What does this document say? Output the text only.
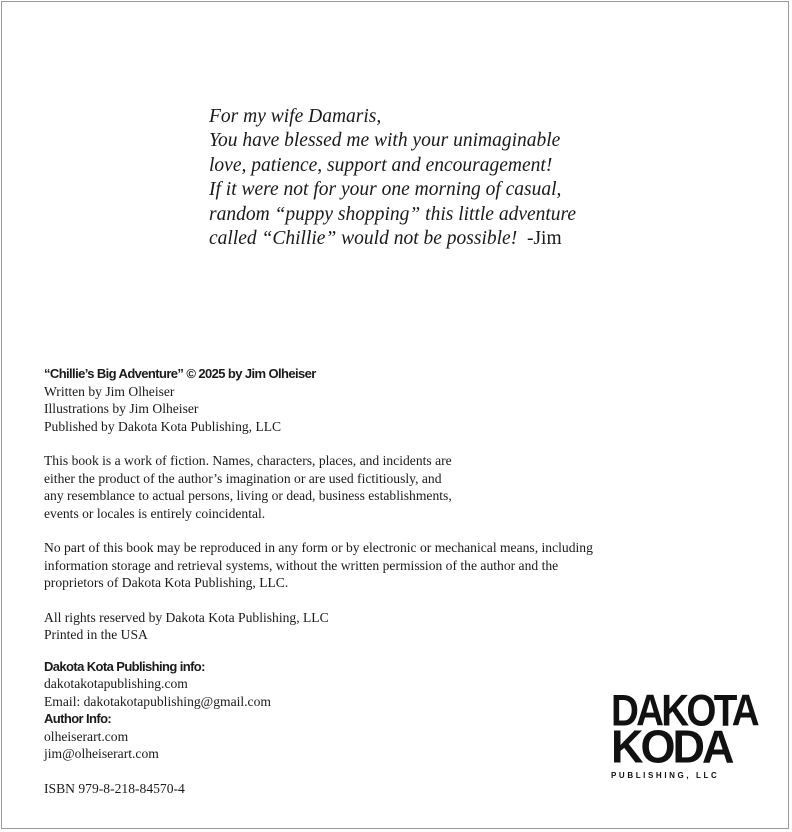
For my wife Damaris,
You have blessed me with your unimaginable
love, patience, support and encouragement!
If it were not for your one morning of casual,
random “puppy shopping” this little adventure
called “Chillie” would not be possible! -Jim
“Chillie’s Big Adventure” © 2025 by Jim Olheiser
Written by Jim Olheiser
Illustrations by Jim Olheiser
Published by Dakota Kota Publishing, LLC
This book is a work of fiction. Names, characters, places, and incidents are
either the product of the author’s imagination or are used fictitiously, and
any resemblance to actual persons, living or dead, business establishments,
events or locales is entirely coincidental.
No part of this book may be reproduced in any form or by electronic or mechanical means, including
information storage and retrieval systems, without the written permission of the author and the
proprietors of Dakota Kota Publishing, LLC.
All rights reserved by Dakota Kota Publishing, LLC
Printed in the USA
Dakota Kota Publishing info:
dakotakotapublishing.com
Email: dakotakotapublishing@gmail.com
Author Info:
olheiserart.com
jim@olheiserart.com
ISBN 979-8-218-84570-4
DAKOTA
KODA
PUBLISHING, LLC
